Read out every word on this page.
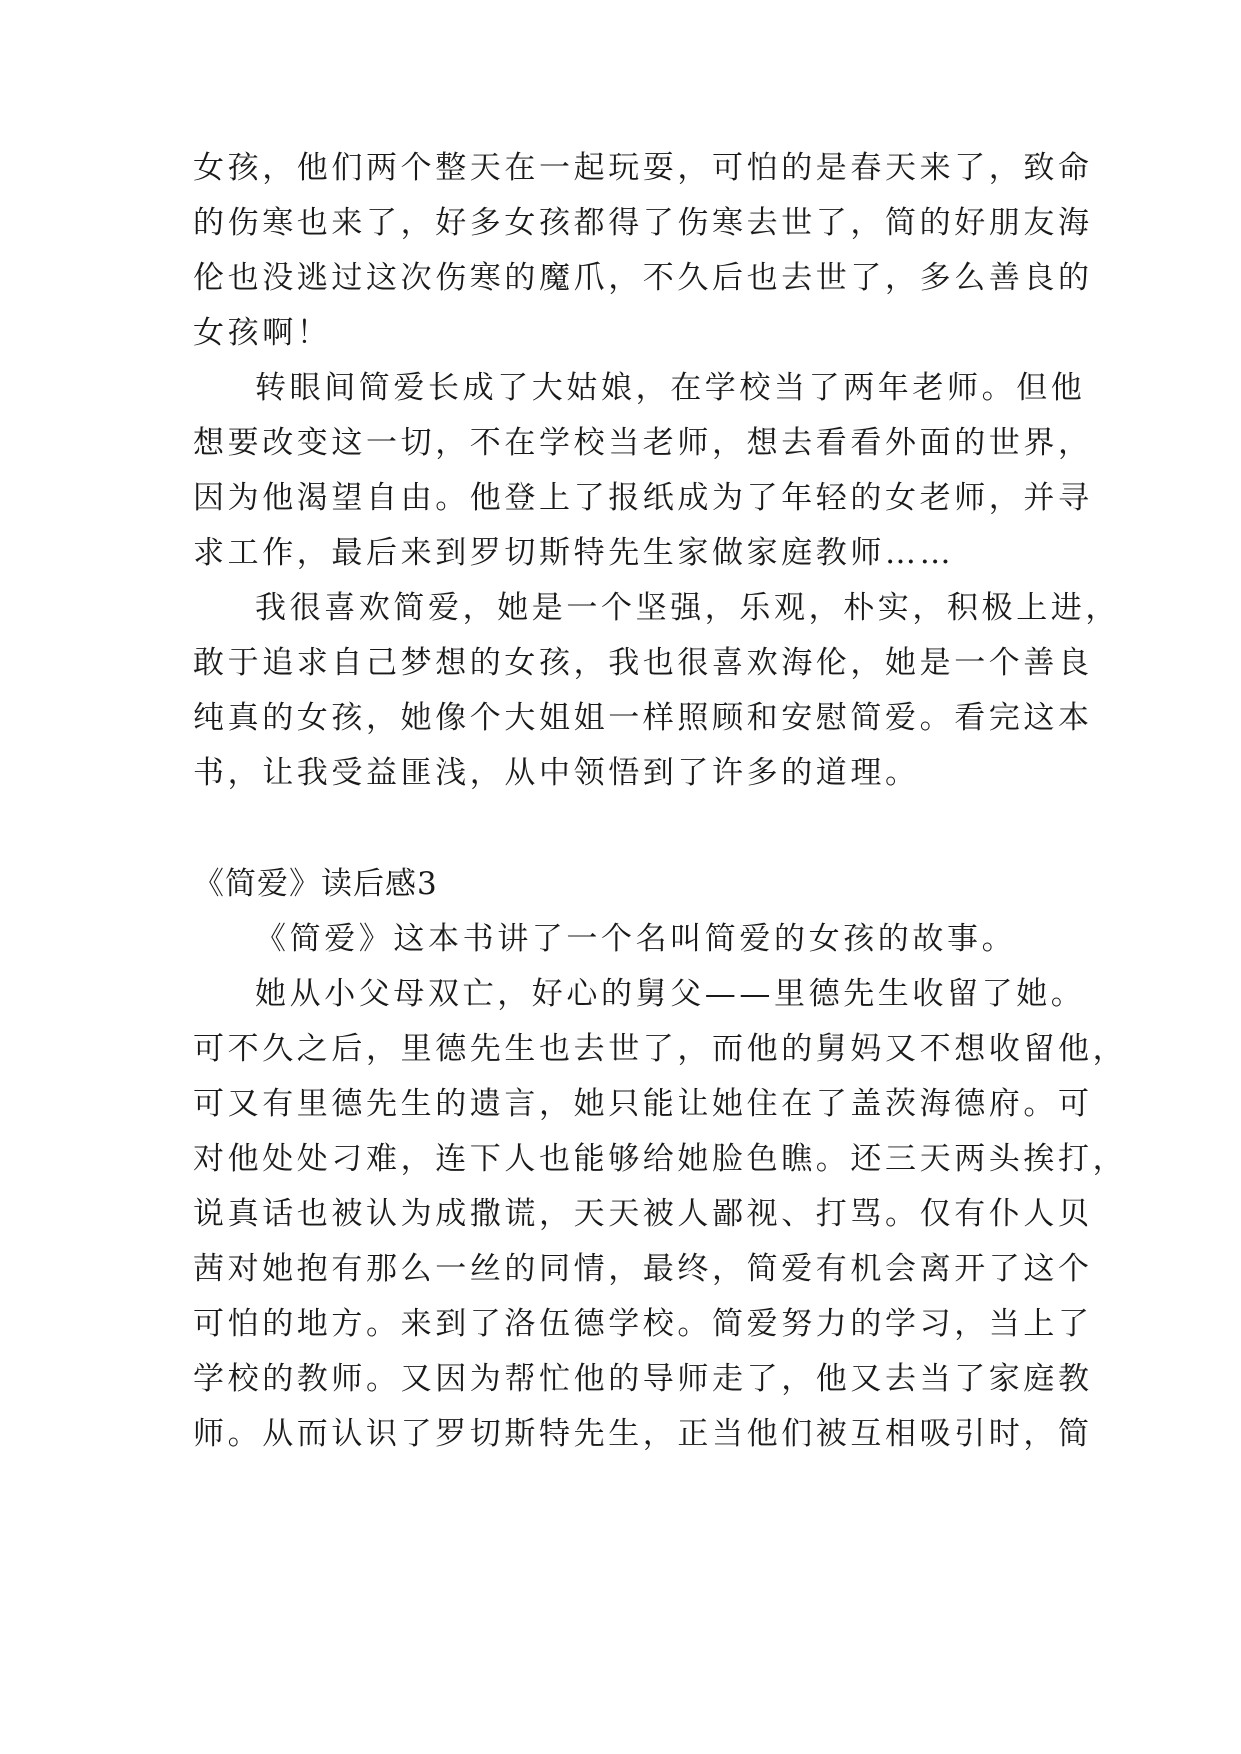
女孩，他们两个整天在一起玩耍，可怕的是春天来了，致命
的伤寒也来了，好多女孩都得了伤寒去世了，简的好朋友海
伦也没逃过这次伤寒的魔爪，不久后也去世了，多么善良的
女孩啊！
转眼间简爱长成了大姑娘，在学校当了两年老师。但他
想要改变这一切，不在学校当老师，想去看看外面的世界，
因为他渴望自由。他登上了报纸成为了年轻的女老师，并寻
求工作，最后来到罗切斯特先生家做家庭教师……
我很喜欢简爱，她是一个坚强，乐观，朴实，积极上进，
敢于追求自己梦想的女孩，我也很喜欢海伦，她是一个善良
纯真的女孩，她像个大姐姐一样照顾和安慰简爱。看完这本
书，让我受益匪浅，从中领悟到了许多的道理。
《简爱》读后感3
《简爱》这本书讲了一个名叫简爱的女孩的故事。
她从小父母双亡，好心的舅父——里德先生收留了她。
可不久之后，里德先生也去世了，而他的舅妈又不想收留他，
可又有里德先生的遗言，她只能让她住在了盖茨海德府。可
对他处处刁难，连下人也能够给她脸色瞧。还三天两头挨打，
说真话也被认为成撒谎，天天被人鄙视、打骂。仅有仆人贝
茜对她抱有那么一丝的同情，最终，简爱有机会离开了这个
可怕的地方。来到了洛伍德学校。简爱努力的学习，当上了
学校的教师。又因为帮忙他的导师走了，他又去当了家庭教
师。从而认识了罗切斯特先生，正当他们被互相吸引时，简
